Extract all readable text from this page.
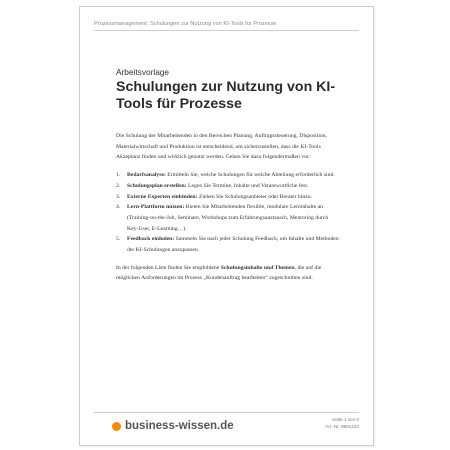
Prozessmanagement: Schulungen zur Nutzung von KI-Tools für Prozesse
Arbeitsvorlage
Schulungen zur Nutzung von KI-Tools für Prozesse

Die Schulung der Mitarbeitenden in den Bereichen Planung, Auftragssteuerung, Disposition, Materialwirtschaft und Produktion ist entscheidend, um sicherzustellen, dass die KI-Tools Akzeptanz finden und wirklich genutzt werden. Gehen Sie dazu folgendermaßen vor:

1. Bedarfsanalyse: Ermitteln Sie, welche Schulungen für welche Abteilung erforderlich sind.
2. Schulungsplan erstellen: Legen Sie Termine, Inhalte und Verantwortliche fest.
3. Externe Experten einbinden: Ziehen Sie Schulungsanbieter oder Berater hinzu.
4. Lern-Plattform nutzen: Bieten Sie Mitarbeitenden flexible, modulare Lerninhalte an (Training-on-the-Job, Seminare, Workshops zum Erfahrungsaustausch, Mentoring durch Key-User, E-Learning…).
5. Feedback einholen: Sammeln Sie nach jeder Schulung Feedback, um Inhalte und Methoden der KI-Schulungen anzupassen.

In der folgenden Liste finden Sie empfohlene Schulungsinhalte und Themen, die auf die möglichen Anforderungen im Prozess „Kundenauftrag bearbeiten“ zugeschnitten sind.

business-wissen.de
Seite 1 von 5
Art.-Nr. 9801243
